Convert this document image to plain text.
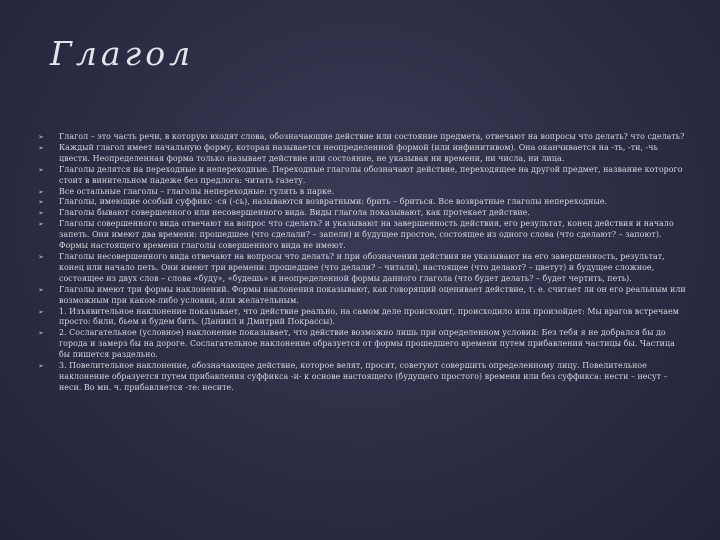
Глагол
➢	Глагол – это часть речи, в которую входят слова, обозначающие действие или состояние предмета, отвечают на вопросы что делать? что сделать?
➢	Каждый глагол имеет начальную форму, которая называется неопределенной формой (или инфинитивом). Она оканчивается на -ть, -ти, -чь цвести. Неопределенная форма только называет действие или состояние, не указывая ни времени, ни числа, ни лица.
➢	Глаголы делятся на переходные и непереходные. Переходные глаголы обозначают действие, переходящее на другой предмет, название которого стоит в винительном падеже без предлога: читать газету.
➢	Все остальные глаголы – глаголы непереходные: гулять в парке.
➢	Глаголы, имеющие особый суффикс -ся (-сь), называются возвратными: брить – бриться. Все возвратные глаголы непереходные.
➢	Глаголы бывают совершенного или несовершенного вида. Виды глагола показывают, как протекает действие.
➢	Глаголы совершенного вида отвечают на вопрос что сделать? и указывают на завершенность действия, его результат, конец действия и начало запеть. Они имеют два времени: прошедшее (что сделали? – запели) и будущее простое, состоящее из одного слова (что сделают? – запоют). Формы настоящего времени глаголы совершенного вида не имеют.
➢	Глаголы несовершенного вида отвечают на вопросы что делать? и при обозначении действия не указывают на его завершенность, результат, конец или начало петь. Они имеют три времени: прошедшее (что делали? – читали), настоящее (что делают? – цветут) и будущее сложное, состоящее из двух слов – слова «буду», «будешь» и неопределенной формы данного глагола (что будет делать? – будет чертить, петь).
➢	Глаголы имеют три формы наклонений. Формы наклонения показывают, как говорящий оценивает действие, т. е. считает ли он его реальным или возможным при каком-либо условии, или желательным.
➢	1. Изъявительное наклонение показывает, что действие реально, на самом деле происходит, происходило или произойдет: Мы врагов встречаем просто: били, бьем и будем бить. (Даниил и Дмитрий Покрассы).
➢	2. Сослагательное (условное) наклонение показывает, что действие возможно лишь при определенном условии: Без тебя я не добрался бы до города и замерз бы на дороге. Сослагательное наклонение образуется от формы прошедшего времени путем прибавления частицы бы. Частица бы пишется раздельно.
➢	3. Повелительное наклонение, обозначающее действие, которое велят, просят, советуют совершить определенному лицу. Повелительное наклонение образуется путем прибавления суффикса -и- к основе настоящего (будущего простого) времени или без суффикса: нести – несут – неси. Во мн. ч. прибавляется -те: несите.
